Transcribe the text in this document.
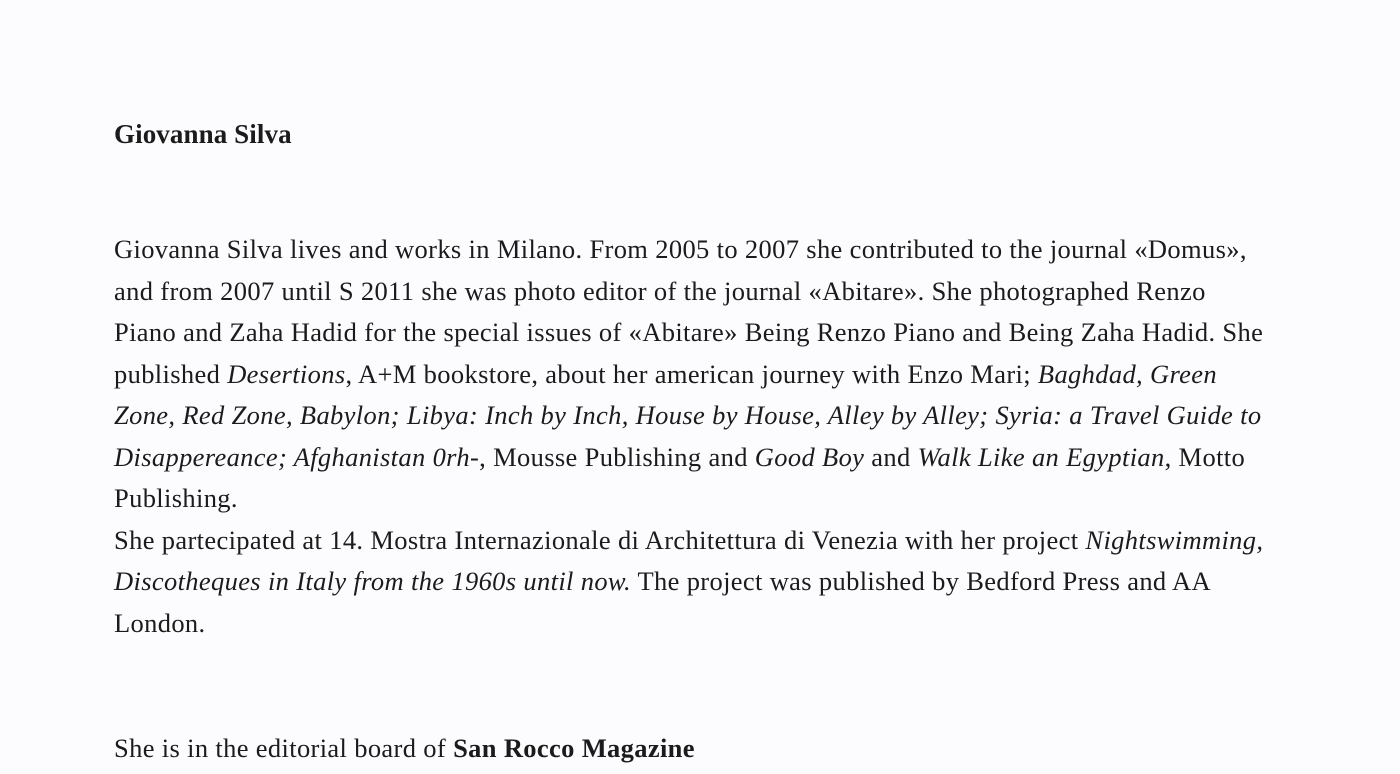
Giovanna Silva

Giovanna Silva lives and works in Milano. From 2005 to 2007 she contributed to the journal «Domus», and from 2007 until S 2011 she was photo editor of the journal «Abitare». She photographed Renzo Piano and Zaha Hadid for the special issues of «Abitare» Being Renzo Piano and Being Zaha Hadid. She published Desertions, A+M bookstore, about her american journey with Enzo Mari; Baghdad, Green Zone, Red Zone, Babylon; Libya: Inch by Inch, House by House, Alley by Alley; Syria: a Travel Guide to Disappereance; Afghanistan 0rh-, Mousse Publishing and Good Boy and Walk Like an Egyptian, Motto Publishing.
She partecipated at 14. Mostra Internazionale di Architettura di Venezia with her project Nightswimming, Discotheques in Italy from the 1960s until now. The project was published by Bedford Press and AA London.

She is in the editorial board of San Rocco Magazine
